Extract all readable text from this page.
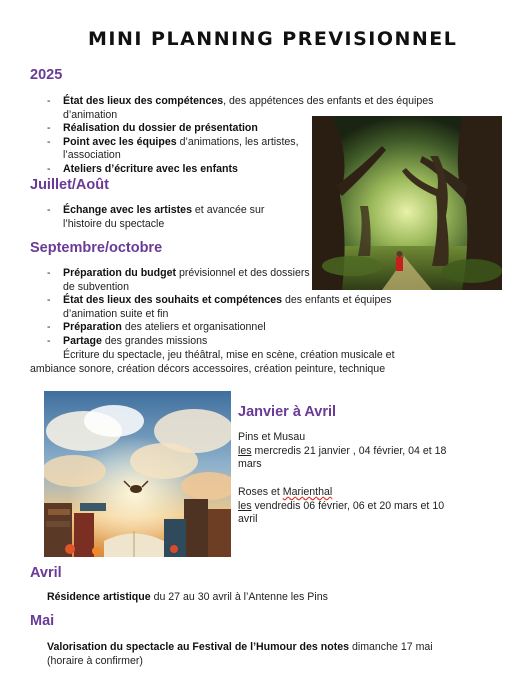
MINI PLANNING PREVISIONNEL
2025
- État des lieux des compétences, des appétences des enfants et des équipes d’animation
- Réalisation du dossier de présentation
- Point avec les équipes d’animations, les artistes, l’association
- Ateliers d’écriture avec les enfants
Juillet/Août
- Échange avec les artistes et avancée sur l’histoire du spectacle
Septembre/octobre
- Préparation du budget prévisionnel et des dossiers de subvention
- État des lieux des souhaits et compétences des enfants et équipes d’animation suite et fin
- Préparation des ateliers et organisationnel
- Partage des grandes missions
Écriture du spectacle, jeu théâtral, mise en scène, création musicale et
ambiance sonore, création décors accessoires, création peinture, technique
Janvier à Avril
Pins et Musau
les mercredis 21 janvier , 04 février, 04 et 18 mars
Roses et Marienthal
les vendredis 06 février, 06 et 20 mars et 10 avril
Avril
Résidence artistique du 27 au 30 avril à l’Antenne les Pins
Mai
Valorisation du spectacle au Festival de l’Humour des notes dimanche 17 mai (horaire à confirmer)
